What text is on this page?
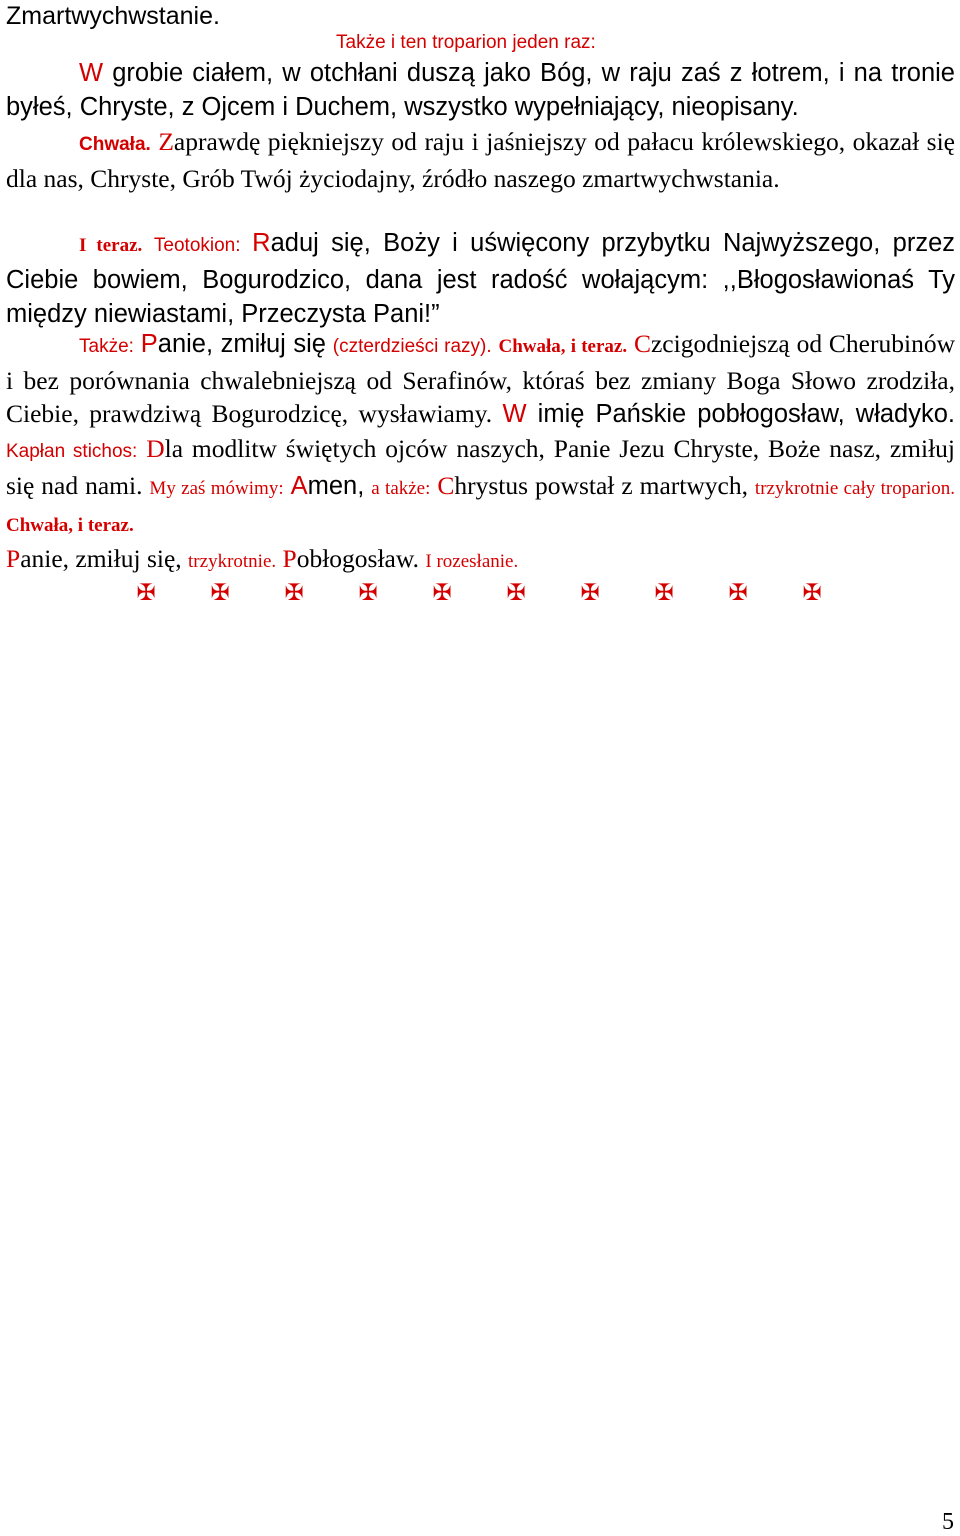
Zmartwychwstanie.
Także i ten troparion jeden raz:
W grobie ciałem, w otchłani duszą jako Bóg, w raju zaś z łotrem, i na tronie byłeś, Chryste, z Ojcem i Duchem, wszystko wypełniający, nieopisany.
Chwała. Zaprawdę piękniejszy od raju i jaśniejszy od pałacu królewskiego, okazał się dla nas, Chryste, Grób Twój życiodajny, źródło naszego zmartwychwstania.
I teraz. Teotokion: Raduj się, Boży i uświęcony przybytku Najwyższego, przez Ciebie bowiem, Bogurodzico, dana jest radość wołającym: ,,Błogosławionaś Ty między niewiastami, Przeczysta Pani!”
Także: Panie, zmiłuj się (czterdzieści razy). Chwała, i teraz. Czcigodniejszą od Cherubinów i bez porównania chwalebniejszą od Serafinów, któraś bez zmiany Boga Słowo zrodziła, Ciebie, prawdziwą Bogurodzicę, wysławiamy. W imię Pańskie pobłogosław, władyko. Kapłan stichos: Dla modlitw świętych ojców naszych, Panie Jezu Chryste, Boże nasz, zmiłuj się nad nami. My zaś mówimy: Amen, a także: Chrystus powstał z martwych, trzykrotnie cały troparion. Chwała, i teraz.
Panie, zmiłuj się, trzykrotnie. Pobłogosław. I rozesłanie.
✠ ✠ ✠ ✠ ✠ ✠ ✠ ✠ ✠ ✠
5
